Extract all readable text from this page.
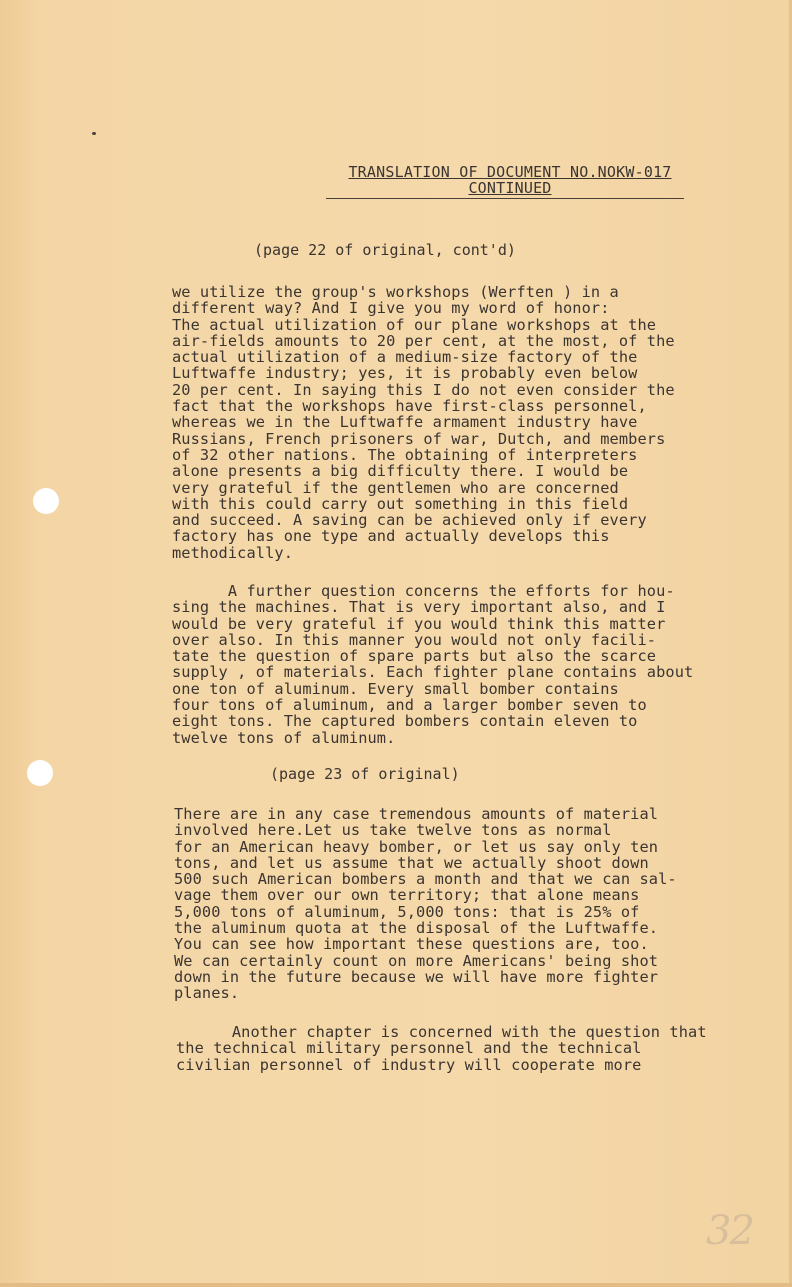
TRANSLATION OF DOCUMENT NO.NOKW-017
CONTINUED
(page 22 of original, cont'd)
we utilize the group's workshops (Werften ) in a
different way? And I give you my word of honor:
The actual utilization of our plane workshops at the
air-fields amounts to 20 per cent, at the most, of the
actual utilization of a medium-size factory of the
Luftwaffe industry; yes, it is probably even below
20 per cent. In saying this I do not even consider the
fact that the workshops have first-class personnel,
whereas we in the Luftwaffe armament industry have
Russians, French prisoners of war, Dutch, and members
of 32 other nations. The obtaining of interpreters
alone presents a big difficulty there. I would be
very grateful if the gentlemen who are concerned
with this could carry out something in this field
and succeed. A saving can be achieved only if every
factory has one type and actually develops this
methodically.
A further question concerns the efforts for hou-
sing the machines. That is very important also, and I
would be very grateful if you would think this matter
over also. In this manner you would not only facili-
tate the question of spare parts but also the scarce
supply , of materials. Each fighter plane contains about
one ton of aluminum. Every small bomber contains
four tons of aluminum, and a larger bomber seven to
eight tons. The captured bombers contain eleven to
twelve tons of aluminum.
(page 23 of original)
There are in any case tremendous amounts of material
involved here.Let us take twelve tons as normal
for an American heavy bomber, or let us say only ten
tons, and let us assume that we actually shoot down
500 such American bombers a month and that we can sal-
vage them over our own territory; that alone means
5,000 tons of aluminum, 5,000 tons: that is 25% of
the aluminum quota at the disposal of the Luftwaffe.
You can see how important these questions are, too.
We can certainly count on more Americans' being shot
down in the future because we will have more fighter
planes.
Another chapter is concerned with the question that
the technical military personnel and the technical
civilian personnel of industry will cooperate more
32
